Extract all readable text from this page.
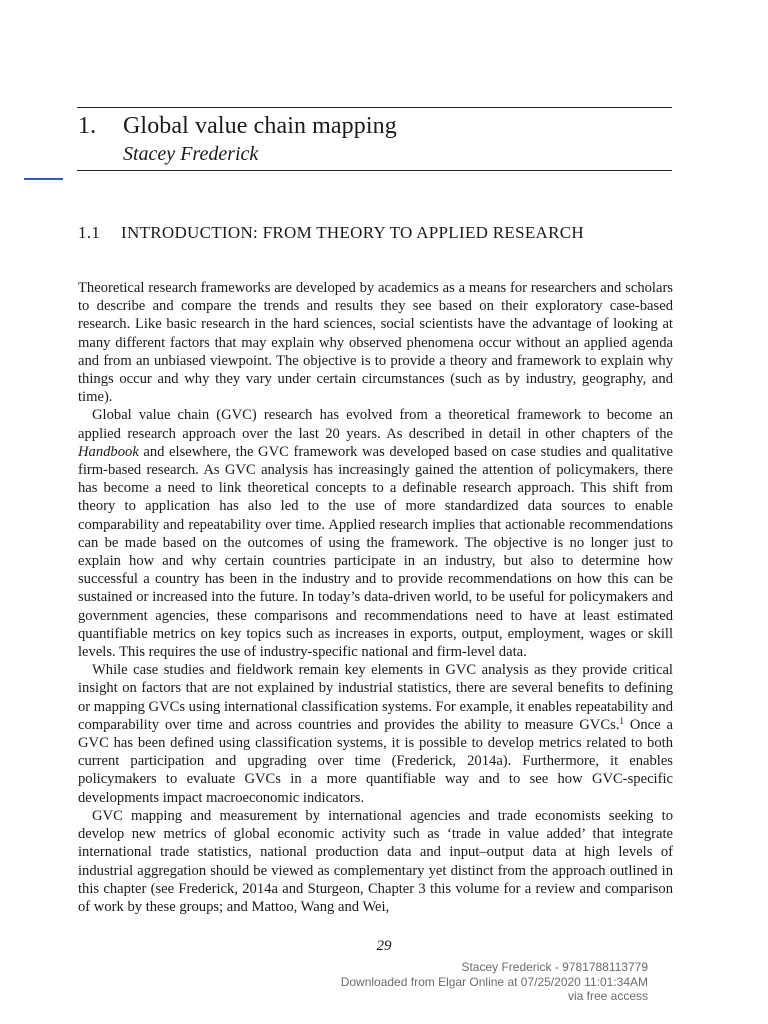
1. Global value chain mapping
Stacey Frederick
1.1 INTRODUCTION: FROM THEORY TO APPLIED RESEARCH

Theoretical research frameworks are developed by academics as a means for researchers and scholars to describe and compare the trends and results they see based on their exploratory case-based research. Like basic research in the hard sciences, social scientists have the advantage of looking at many different factors that may explain why observed phenomena occur without an applied agenda and from an unbiased viewpoint. The objective is to provide a theory and framework to explain why things occur and why they vary under certain circumstances (such as by industry, geography, and time).

Global value chain (GVC) research has evolved from a theoretical framework to become an applied research approach over the last 20 years. As described in detail in other chapters of the Handbook and elsewhere, the GVC framework was developed based on case studies and qualitative firm-based research. As GVC analysis has increasingly gained the attention of policymakers, there has become a need to link theoretical concepts to a definable research approach. This shift from theory to application has also led to the use of more standardized data sources to enable comparability and repeatability over time. Applied research implies that actionable recommendations can be made based on the outcomes of using the framework. The objective is no longer just to explain how and why certain countries participate in an industry, but also to determine how successful a country has been in the industry and to provide recommendations on how this can be sustained or increased into the future. In today’s data-driven world, to be useful for policymakers and government agencies, these comparisons and recommendations need to have at least estimated quantifiable metrics on key topics such as increases in exports, output, employment, wages or skill levels. This requires the use of industry-specific national and firm-level data.

While case studies and fieldwork remain key elements in GVC analysis as they provide critical insight on factors that are not explained by industrial statistics, there are several benefits to defining or mapping GVCs using international classification systems. For example, it enables repeatability and comparability over time and across countries and provides the ability to measure GVCs.$^1$ Once a GVC has been defined using classification systems, it is possible to develop metrics related to both current participation and upgrading over time (Frederick, 2014a). Furthermore, it enables policymakers to evaluate GVCs in a more quantifiable way and to see how GVC-specific developments impact macroeconomic indicators.

GVC mapping and measurement by international agencies and trade economists seeking to develop new metrics of global economic activity such as ‘trade in value added’ that integrate international trade statistics, national production data and input–output data at high levels of industrial aggregation should be viewed as complementary yet distinct from the approach outlined in this chapter (see Frederick, 2014a and Sturgeon, Chapter 3 this volume for a review and comparison of work by these groups; and Mattoo, Wang and Wei,

29
Stacey Frederick - 9781788113779
Downloaded from Elgar Online at 07/25/2020 11:01:34AM
via free access
